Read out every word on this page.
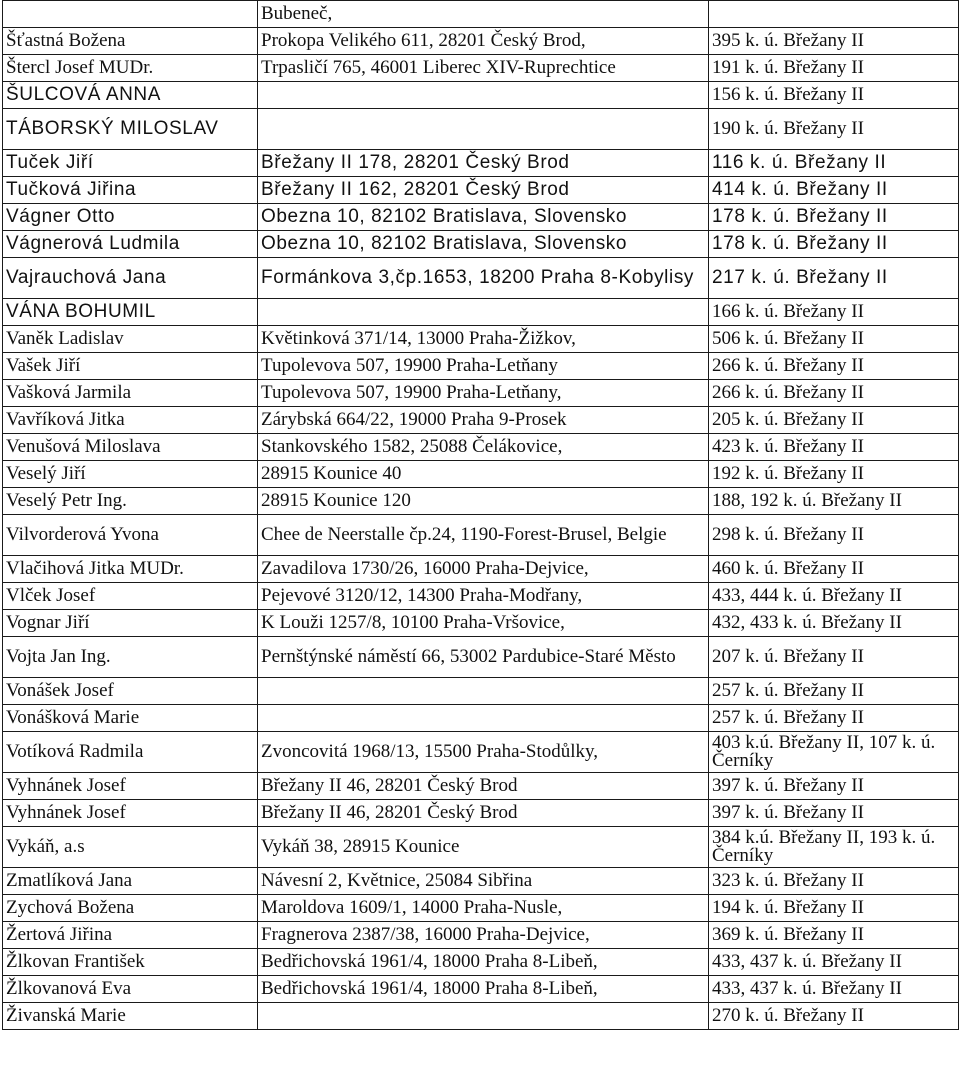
	Bubeneč,	
Šťastná Božena	Prokopa Velikého 611, 28201 Český Brod,	395 k. ú. Břežany II
Štercl Josef MUDr.	Trpasličí 765, 46001 Liberec XIV-Ruprechtice	191 k. ú. Břežany II
ŠULCOVÁ ANNA		156 k. ú. Břežany II
TÁBORSKÝ MILOSLAV		190 k. ú. Břežany II
Tuček Jiří	Břežany II 178, 28201 Český Brod	116 k. ú. Břežany II
Tučková Jiřina	Břežany II 162, 28201 Český Brod	414 k. ú. Břežany II
Vágner Otto	Obezna 10, 82102 Bratislava, Slovensko	178 k. ú. Břežany II
Vágnerová Ludmila	Obezna 10, 82102 Bratislava, Slovensko	178 k. ú. Břežany II
Vajrauchová Jana	Formánkova 3,čp.1653, 18200 Praha 8-Kobylisy	217 k. ú. Břežany II
VÁNA BOHUMIL		166 k. ú. Břežany II
Vaněk Ladislav	Květinková 371/14, 13000 Praha-Žižkov,	506 k. ú. Břežany II
Vašek Jiří	Tupolevova 507, 19900 Praha-Letňany	266 k. ú. Břežany II
Vašková Jarmila	Tupolevova 507, 19900 Praha-Letňany,	266 k. ú. Břežany II
Vavříková Jitka	Zárybská 664/22, 19000 Praha 9-Prosek	205 k. ú. Břežany II
Venušová Miloslava	Stankovského 1582, 25088 Čelákovice,	423 k. ú. Břežany II
Veselý Jiří	28915 Kounice 40	192 k. ú. Břežany II
Veselý Petr Ing.	28915 Kounice 120	188, 192 k. ú. Břežany II
Vilvorderová Yvona	Chee de Neerstalle čp.24, 1190-Forest-Brusel, Belgie	298 k. ú. Břežany II
Vlačihová Jitka MUDr.	Zavadilova 1730/26, 16000 Praha-Dejvice,	460 k. ú. Břežany II
Vlček Josef	Pejevové 3120/12, 14300 Praha-Modřany,	433, 444 k. ú. Břežany II
Vognar Jiří	K Louži 1257/8, 10100 Praha-Vršovice,	432, 433 k. ú. Břežany II
Vojta Jan Ing.	Pernštýnské náměstí 66, 53002 Pardubice-Staré Město	207 k. ú. Břežany II
Vonášek Josef		257 k. ú. Břežany II
Vonášková Marie		257 k. ú. Břežany II
Votíková Radmila	Zvoncovitá 1968/13, 15500 Praha-Stodůlky,	403 k.ú. Břežany II, 107 k. ú. Černíky
Vyhnánek Josef	Břežany II 46, 28201 Český Brod	397 k. ú. Břežany II
Vyhnánek Josef	Břežany II 46, 28201 Český Brod	397 k. ú. Břežany II
Vykáň, a.s	Vykáň 38, 28915 Kounice	384 k.ú. Břežany II, 193 k. ú. Černíky
Zmatlíková Jana	Návesní 2, Květnice, 25084 Sibřina	323 k. ú. Břežany II
Zychová Božena	Maroldova 1609/1, 14000 Praha-Nusle,	194 k. ú. Břežany II
Žertová Jiřina	Fragnerova 2387/38, 16000 Praha-Dejvice,	369 k. ú. Břežany II
Žlkovan František	Bedřichovská 1961/4, 18000 Praha 8-Libeň,	433, 437 k. ú. Břežany II
Žlkovanová Eva	Bedřichovská 1961/4, 18000 Praha 8-Libeň,	433, 437 k. ú. Břežany II
Živanská Marie		270 k. ú. Břežany II
